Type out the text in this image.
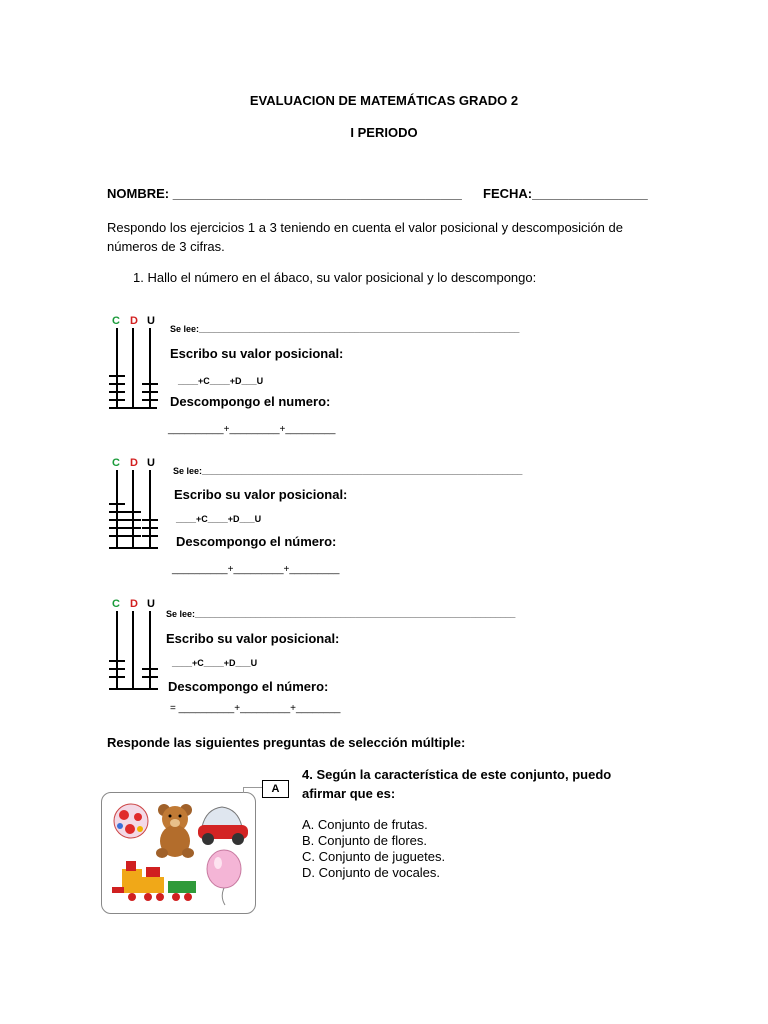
EVALUACION DE MATEMÁTICAS GRADO 2
I PERIODO
NOMBRE: ________________________________________ FECHA:________________
Respondo los ejercicios 1 a 3 teniendo en cuenta el valor posicional y descomposición de
números de 3 cifras.
1. Hallo el número en el ábaco, su valor posicional y lo descompongo:
C D U
Se lee:________________________________________________________________
Escribo su valor posicional:
____+C____+D___U
Descompongo el numero:
__________+_________+_________
C D U
Se lee:________________________________________________________________
Escribo su valor posicional:
____+C____+D___U
Descompongo el número:
__________+_________+_________
C D U
Se lee:________________________________________________________________
Escribo su valor posicional:
____+C____+D___U
Descompongo el número:
= __________+_________+________
Responde las siguientes preguntas de selección múltiple:
A
4. Según la característica de este conjunto, puedo
afirmar que es:
A. Conjunto de frutas.
B. Conjunto de flores.
C. Conjunto de juguetes.
D. Conjunto de vocales.
